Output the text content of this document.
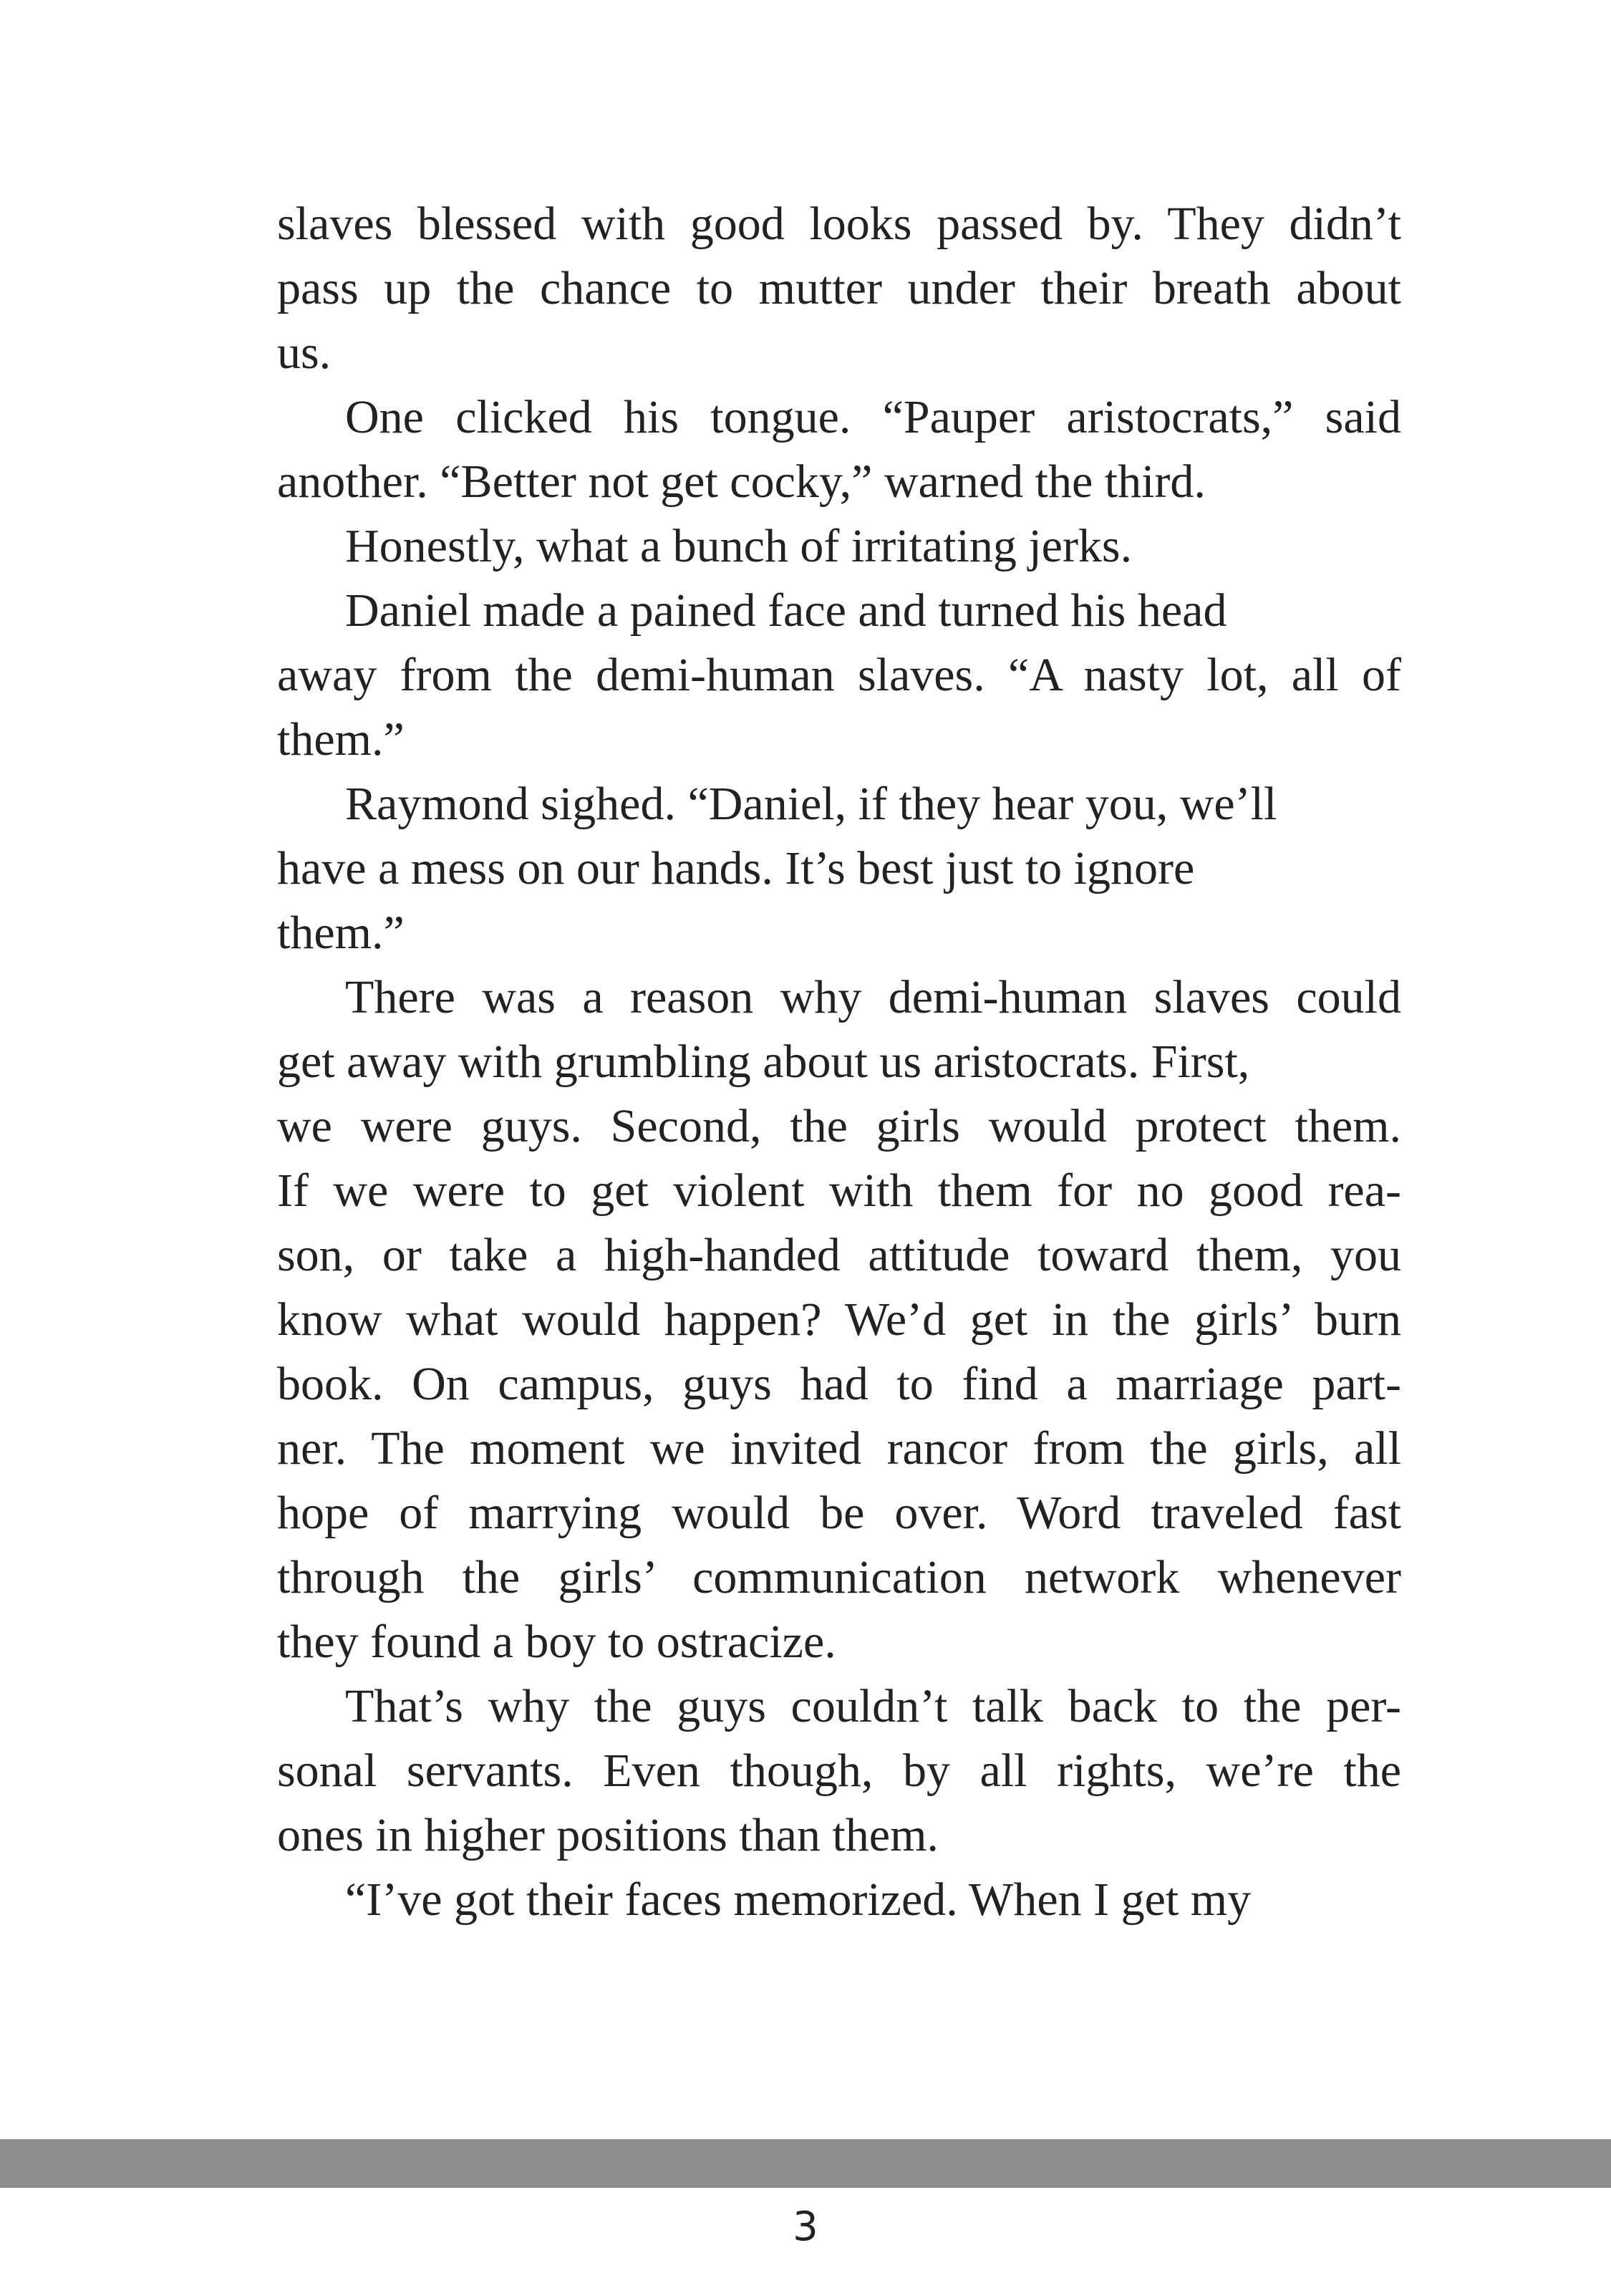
slaves blessed with good looks passed by. They didn’t
pass up the chance to mutter under their breath about
us.
One clicked his tongue. “Pauper aristocrats,” said
another. “Better not get cocky,” warned the third.
Honestly, what a bunch of irritating jerks.
Daniel made a pained face and turned his head
away from the demi-human slaves. “A nasty lot, all of
them.”
Raymond sighed. “Daniel, if they hear you, we’ll
have a mess on our hands. It’s best just to ignore
them.”
There was a reason why demi-human slaves could
get away with grumbling about us aristocrats. First,
we were guys. Second, the girls would protect them.
If we were to get violent with them for no good rea-
son, or take a high-handed attitude toward them, you
know what would happen? We’d get in the girls’ burn
book. On campus, guys had to find a marriage part-
ner. The moment we invited rancor from the girls, all
hope of marrying would be over. Word traveled fast
through the girls’ communication network whenever
they found a boy to ostracize.
That’s why the guys couldn’t talk back to the per-
sonal servants. Even though, by all rights, we’re the
ones in higher positions than them.
“I’ve got their faces memorized. When I get my
3
